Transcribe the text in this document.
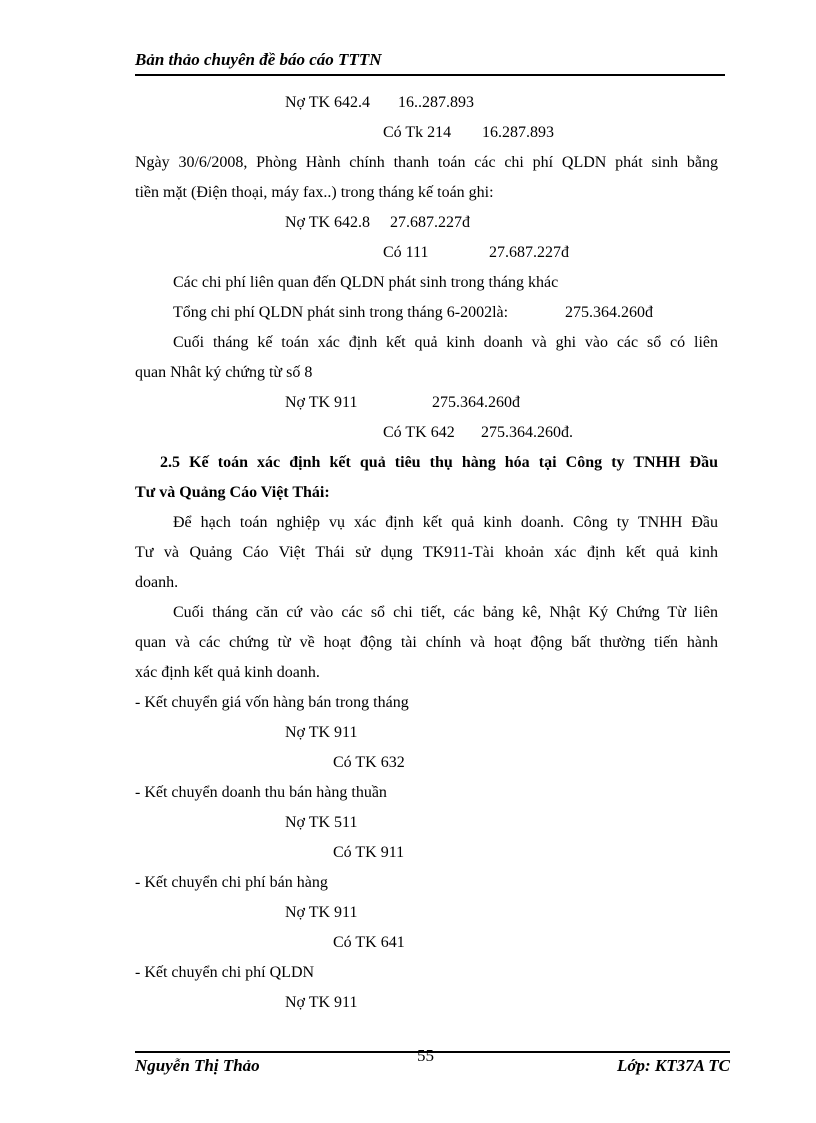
Bản thảo chuyên đề báo cáo TTTN
Nợ TK 642.4 16..287.893
Có Tk 214 16.287.893
Ngày 30/6/2008, Phòng Hành chính thanh toán các chi phí QLDN phát sinh bằng
tiền mặt (Điện thoại, máy fax..) trong tháng kế toán ghi:
Nợ TK 642.8 27.687.227đ
Có 111	27.687.227đ
Các chi phí liên quan đến QLDN phát sinh trong tháng khác
Tổng chi phí QLDN phát sinh trong tháng 6-2002là:	275.364.260đ
Cuối tháng kế toán xác định kết quả kinh doanh và ghi vào các sổ có liên
quan Nhât ký chứng từ số 8
Nợ TK 911	275.364.260đ
Có TK 642 275.364.260đ.
2.5 Kế toán xác định kết quả tiêu thụ hàng hóa tại Công ty TNHH Đầu
Tư và Quảng Cáo Việt Thái:
Để hạch toán nghiệp vụ xác định kết quả kinh doanh. Công ty TNHH Đầu
Tư và Quảng Cáo Việt Thái sử dụng TK911-Tài khoản xác định kết quả kinh
doanh.
Cuối tháng căn cứ vào các sổ chi tiết, các bảng kê, Nhật Ký Chứng Từ liên
quan và các chứng từ về hoạt động tài chính và hoạt động bất thường tiến hành
xác định kết quả kinh doanh.
- Kết chuyển giá vốn hàng bán trong tháng
Nợ TK 911
Có TK 632
- Kết chuyển doanh thu bán hàng thuần
Nợ TK 511
Có TK 911
- Kết chuyển chi phí bán hàng
Nợ TK 911
Có TK 641
- Kết chuyển chi phí QLDN
Nợ TK 911
Nguyễn Thị Thảo
55
Lớp: KT37A TC
